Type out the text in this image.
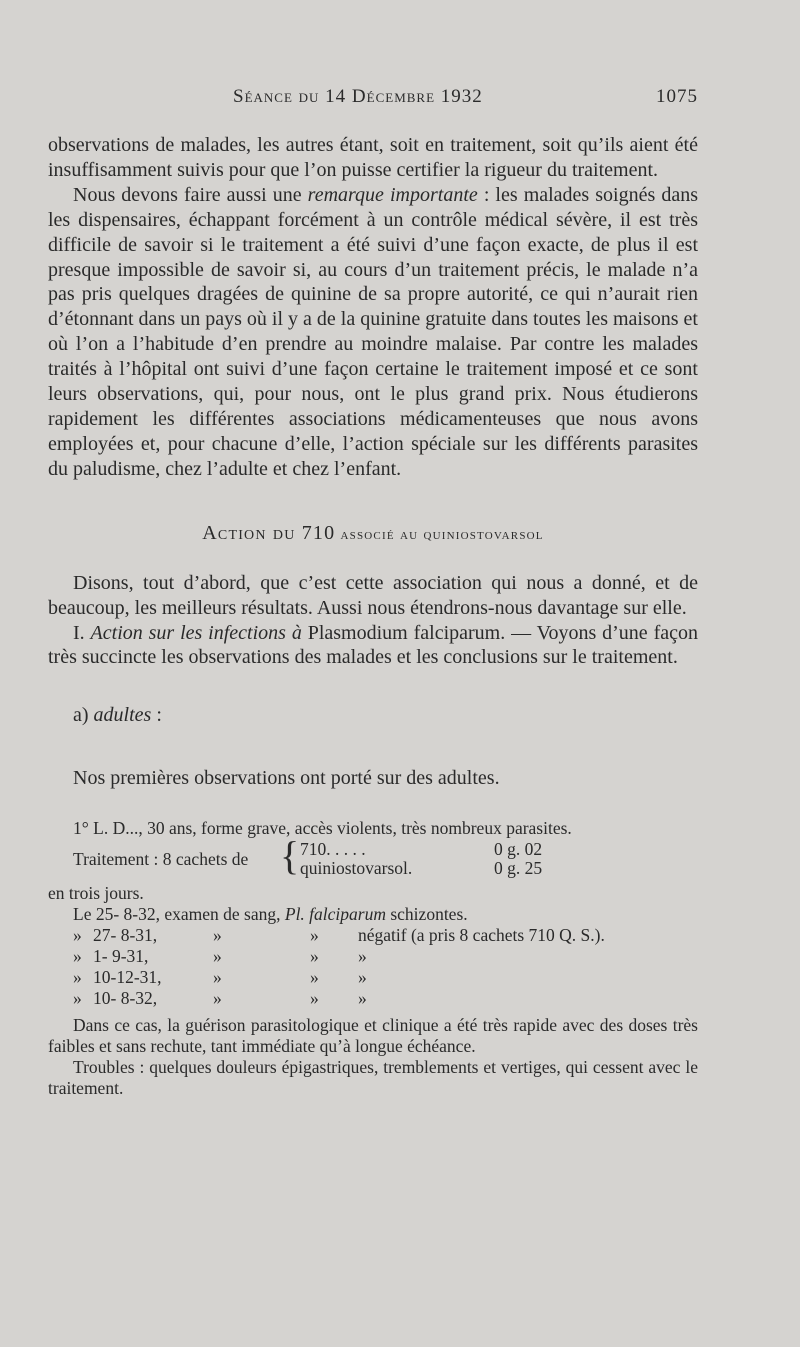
Séance du 14 Décembre 1932	1075

observations de malades, les autres étant, soit en traitement, soit qu’ils aient été insuffisamment suivis pour que l’on puisse certifier la rigueur du traitement.

Nous devons faire aussi une remarque importante : les malades soignés dans les dispensaires, échappant forcément à un contrôle médical sévère, il est très difficile de savoir si le traitement a été suivi d’une façon exacte, de plus il est presque impossible de savoir si, au cours d’un traitement précis, le malade n’a pas pris quelques dragées de quinine de sa propre autorité, ce qui n’aurait rien d’étonnant dans un pays où il y a de la quinine gratuite dans toutes les maisons et où l’on a l’habitude d’en prendre au moindre malaise. Par contre les malades traités à l’hôpital ont suivi d’une façon certaine le traitement imposé et ce sont leurs observations, qui, pour nous, ont le plus grand prix. Nous étudierons rapidement les différentes associations médicamenteuses que nous avons employées et, pour chacune d’elle, l’action spéciale sur les différents parasites du paludisme, chez l’adulte et chez l’enfant.

Action du 710 associé au quiniostovarsol

Disons, tout d’abord, que c’est cette association qui nous a donné, et de beaucoup, les meilleurs résultats. Aussi nous étendrons-nous davantage sur elle.

I. Action sur les infections à Plasmodium falciparum. — Voyons d’une façon très succincte les observations des malades et les conclusions sur le traitement.

a) adultes :
Nos premières observations ont porté sur des adultes.
1° L. D..., 30 ans, forme grave, accès violents, très nombreux parasites.
Traitement : 8 cachets de { 710. . . . .	0 g. 02
quiniostovarsol.	0 g. 25
en trois jours.
Le 25- 8-32, examen de sang, Pl. falciparum schizontes.
» 27- 8-31,	»	» négatif (a pris 8 cachets 710 Q. S.).
» 1- 9-31,	»	» »
» 10-12-31,	»	» »
» 10- 8-32,	»	» »

Dans ce cas, la guérison parasitologique et clinique a été très rapide avec des doses très faibles et sans rechute, tant immédiate qu’à longue échéance.

Troubles : quelques douleurs épigastriques, tremblements et vertiges, qui cessent avec le traitement.
